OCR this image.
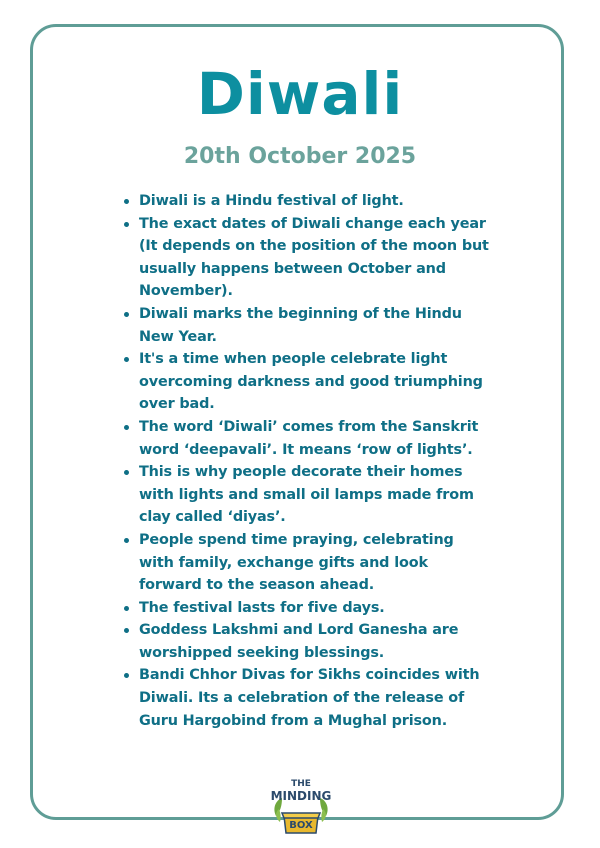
Diwali
20th October 2025
Diwali is a Hindu festival of light.
The exact dates of Diwali change each year (It depends on the position of the moon but usually happens between October and November).
Diwali marks the beginning of the Hindu New Year.
It's a time when people celebrate light overcoming darkness and good triumphing over bad.
The word ‘Diwali’ comes from the Sanskrit word ‘deepavali’. It means ‘row of lights’.
This is why people decorate their homes with lights and small oil lamps made from clay called ‘diyas’.
People spend time praying, celebrating with family, exchange gifts and look forward to the season ahead.
The festival lasts for five days.
Goddess Lakshmi and Lord Ganesha are worshipped seeking blessings.
Bandi Chhor Divas for Sikhs coincides with Diwali. Its a celebration of the release of Guru Hargobind from a Mughal prison.
THE
MINDING
BOX
